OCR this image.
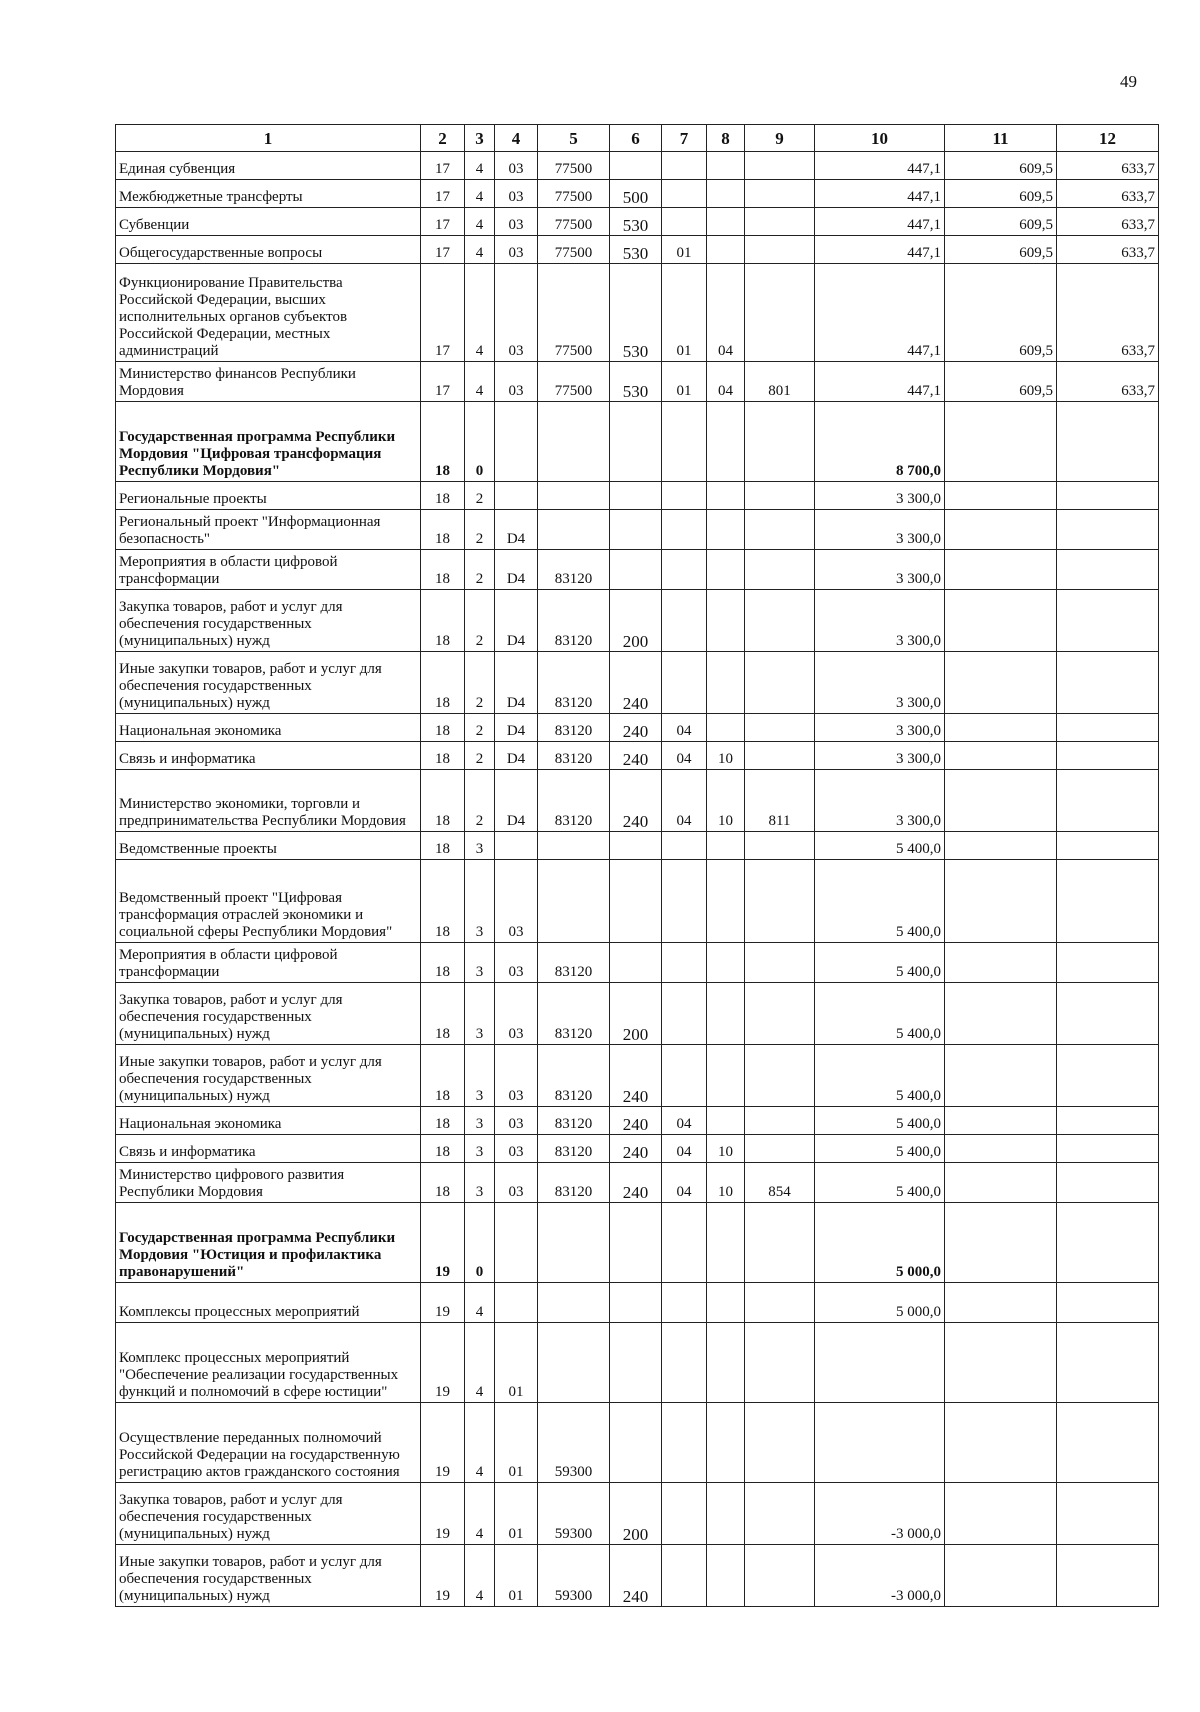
49
1	2	3	4	5	6	7	8	9	10	11	12
Единая субвенция	17	4	03	77500					447,1	609,5	633,7
Межбюджетные трансферты	17	4	03	77500	500				447,1	609,5	633,7
Субвенции	17	4	03	77500	530				447,1	609,5	633,7
Общегосударственные вопросы	17	4	03	77500	530	01			447,1	609,5	633,7
Функционирование Правительства Российской Федерации, высших исполнительных органов субъектов Российской Федерации, местных администраций	17	4	03	77500	530	01	04		447,1	609,5	633,7
Министерство финансов Республики Мордовия	17	4	03	77500	530	01	04	801	447,1	609,5	633,7
Государственная программа Республики Мордовия "Цифровая трансформация Республики Мордовия"	18	0							8 700,0		
Региональные проекты	18	2							3 300,0		
Региональный проект "Информационная безопасность"	18	2	D4						3 300,0		
Мероприятия в области цифровой трансформации	18	2	D4	83120					3 300,0		
Закупка товаров, работ и услуг для обеспечения государственных (муниципальных) нужд	18	2	D4	83120	200				3 300,0		
Иные закупки товаров, работ и услуг для обеспечения государственных (муниципальных) нужд	18	2	D4	83120	240				3 300,0		
Национальная экономика	18	2	D4	83120	240	04			3 300,0		
Связь и информатика	18	2	D4	83120	240	04	10		3 300,0		
Министерство экономики, торговли и предпринимательства Республики Мордовия	18	2	D4	83120	240	04	10	811	3 300,0		
Ведомственные проекты	18	3							5 400,0		
Ведомственный проект "Цифровая трансформация отраслей экономики и социальной сферы Республики Мордовия"	18	3	03						5 400,0		
Мероприятия в области цифровой трансформации	18	3	03	83120					5 400,0		
Закупка товаров, работ и услуг для обеспечения государственных (муниципальных) нужд	18	3	03	83120	200				5 400,0		
Иные закупки товаров, работ и услуг для обеспечения государственных (муниципальных) нужд	18	3	03	83120	240				5 400,0		
Национальная экономика	18	3	03	83120	240	04			5 400,0		
Связь и информатика	18	3	03	83120	240	04	10		5 400,0		
Министерство цифрового развития Республики Мордовия	18	3	03	83120	240	04	10	854	5 400,0		
Государственная программа Республики Мордовия "Юстиция и профилактика правонарушений"	19	0							5 000,0		
Комплексы процессных мероприятий	19	4							5 000,0		
Комплекс процессных мероприятий "Обеспечение реализации государственных функций и полномочий в сфере юстиции"	19	4	01								
Осуществление переданных полномочий Российской Федерации на государственную регистрацию актов гражданского состояния	19	4	01	59300							
Закупка товаров, работ и услуг для обеспечения государственных (муниципальных) нужд	19	4	01	59300	200				-3 000,0		
Иные закупки товаров, работ и услуг для обеспечения государственных (муниципальных) нужд	19	4	01	59300	240				-3 000,0		
